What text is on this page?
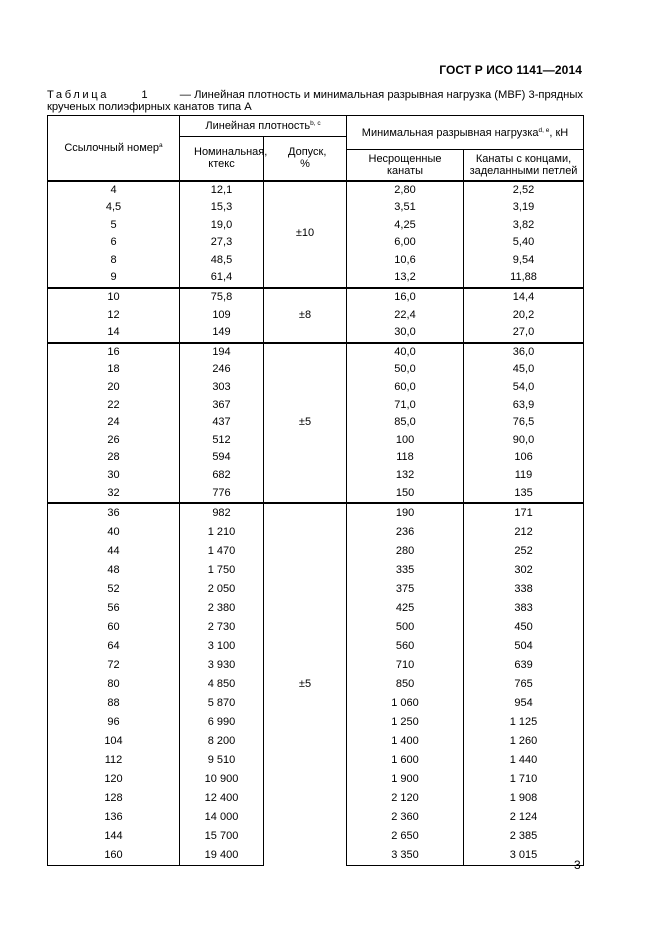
ГОСТ Р ИСО 1141—2014
Таблица	1	— Линейная плотность и минимальная разрывная нагрузка (MBF) 3-прядных
крученых полиэфирных канатов типа А
Ссылочный номер$^a$	Линейная плотность$^{b, c}$		Минимальная разрывная нагрузка$^{d, e}$, кН	
	Номинальная, ктекс	Допуск, %		
			Несрощенные канаты	Канаты с концами, заделанными петлей
4	12,1	±10	2,80	2,52
4,5	15,3		3,51	3,19
5	19,0		4,25	3,82
6	27,3		6,00	5,40
8	48,5		10,6	9,54
9	61,4		13,2	11,88
10	75,8	±8	16,0	14,4
12	109		22,4	20,2
14	149		30,0	27,0
16	194	±5	40,0	36,0
18	246		50,0	45,0
20	303		60,0	54,0
22	367		71,0	63,9
24	437		85,0	76,5
26	512		100	90,0
28	594		118	106
30	682		132	119
32	776		150	135
36	982	±5	190	171
40	1 210		236	212
44	1 470		280	252
48	1 750		335	302
52	2 050		375	338
56	2 380		425	383
60	2 730		500	450
64	3 100		560	504
72	3 930		710	639
80	4 850		850	765
88	5 870		1 060	954
96	6 990		1 250	1 125
104	8 200		1 400	1 260
112	9 510		1 600	1 440
120	10 900		1 900	1 710
128	12 400		2 120	1 908
136	14 000		2 360	2 124
144	15 700		2 650	2 385
160	19 400		3 350	3 015
3
